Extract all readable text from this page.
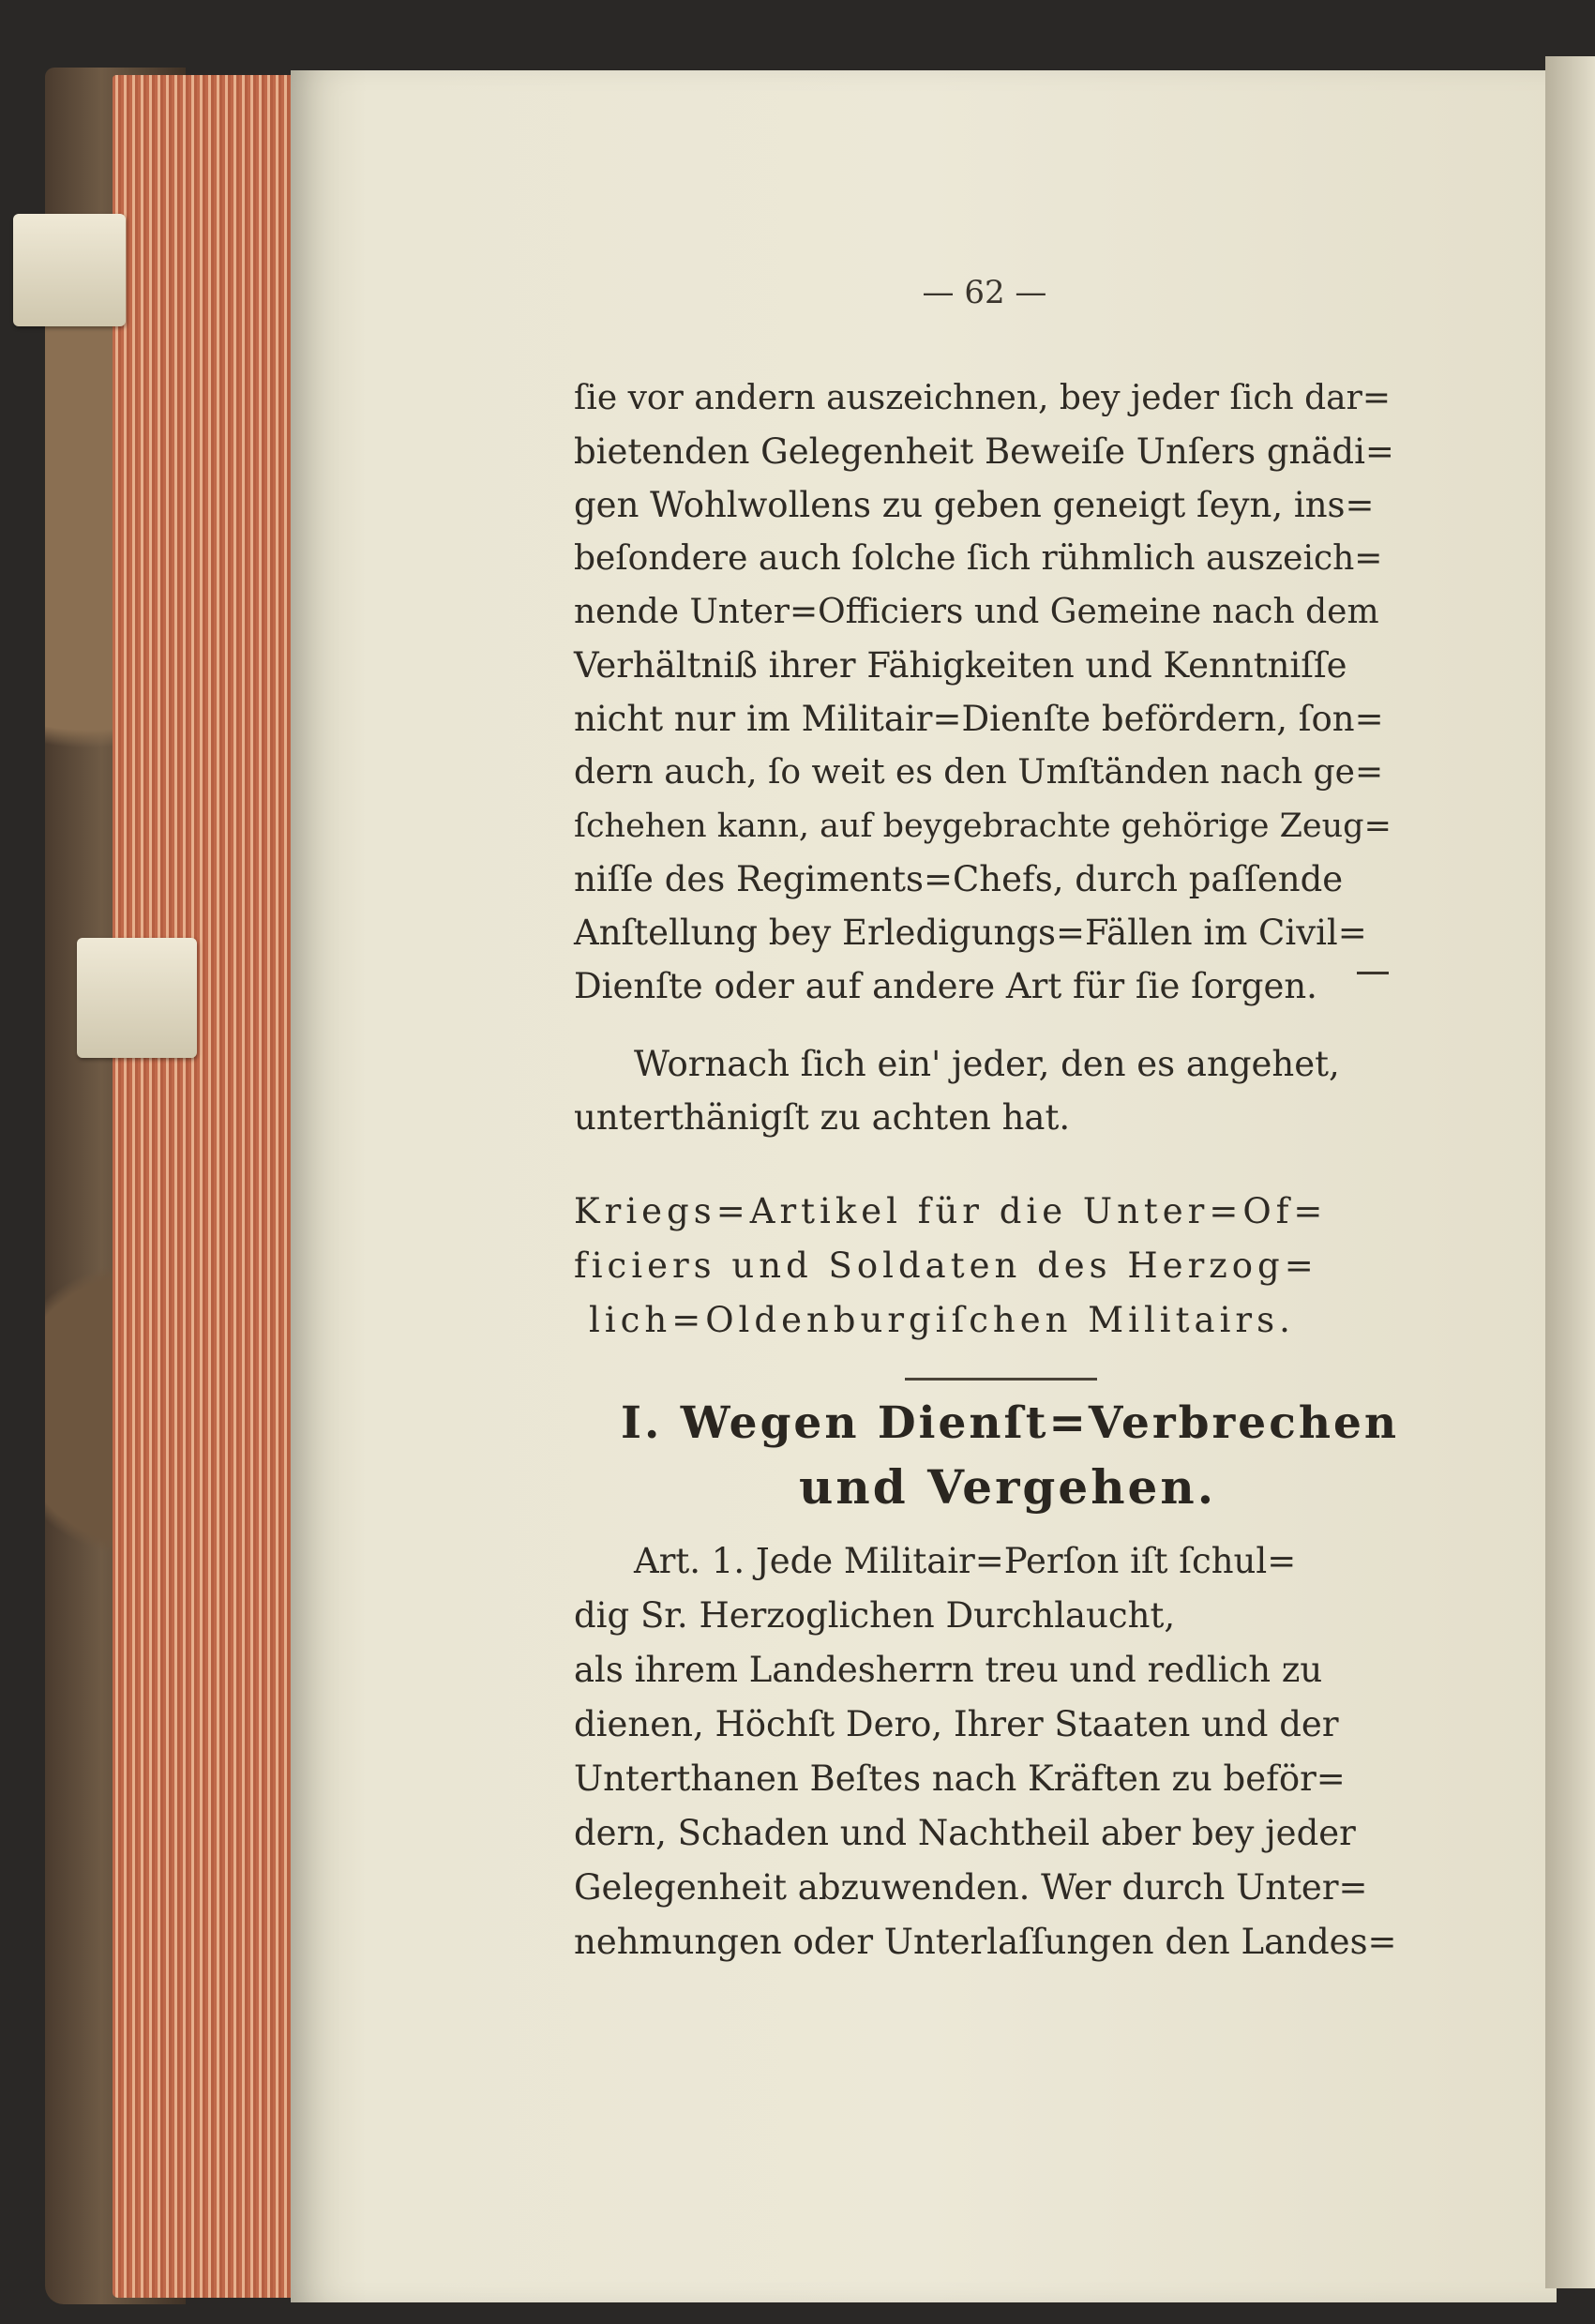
— 62 —
ſie vor andern auszeichnen, bey jeder ſich dar=
bietenden Gelegenheit Beweiſe Unſers gnädi=
gen Wohlwollens zu geben geneigt ſeyn, ins=
beſondere auch ſolche ſich rühmlich auszeich=
nende Unter=Officiers und Gemeine nach dem
Verhältniß ihrer Fähigkeiten und Kenntniſſe
nicht nur im Militair=Dienſte befördern, ſon=
dern auch, ſo weit es den Umſtänden nach ge=
ſchehen kann, auf beygebrachte gehörige Zeug=
niſſe des Regiments=Chefs, durch paſſende
Anſtellung bey Erledigungs=Fällen im Civil=
Dienſte oder auf andere Art für ſie ſorgen.
Wornach ſich ein' jeder, den es angehet,
unterthänigſt zu achten hat.
Kriegs=Artikel für die Unter=Of=
ficiers und Soldaten des Herzog=
lich=Oldenburgiſchen Militairs.
I. Wegen Dienſt=Verbrechen
und Vergehen.
Art. 1. Jede Militair=Perſon iſt ſchul=
dig Sr. Herzoglichen Durchlaucht,
als ihrem Landesherrn treu und redlich zu
dienen, Höchſt Dero, Ihrer Staaten und der
Unterthanen Beſtes nach Kräften zu beför=
dern, Schaden und Nachtheil aber bey jeder
Gelegenheit abzuwenden. Wer durch Unter=
nehmungen oder Unterlaſſungen den Landes=
